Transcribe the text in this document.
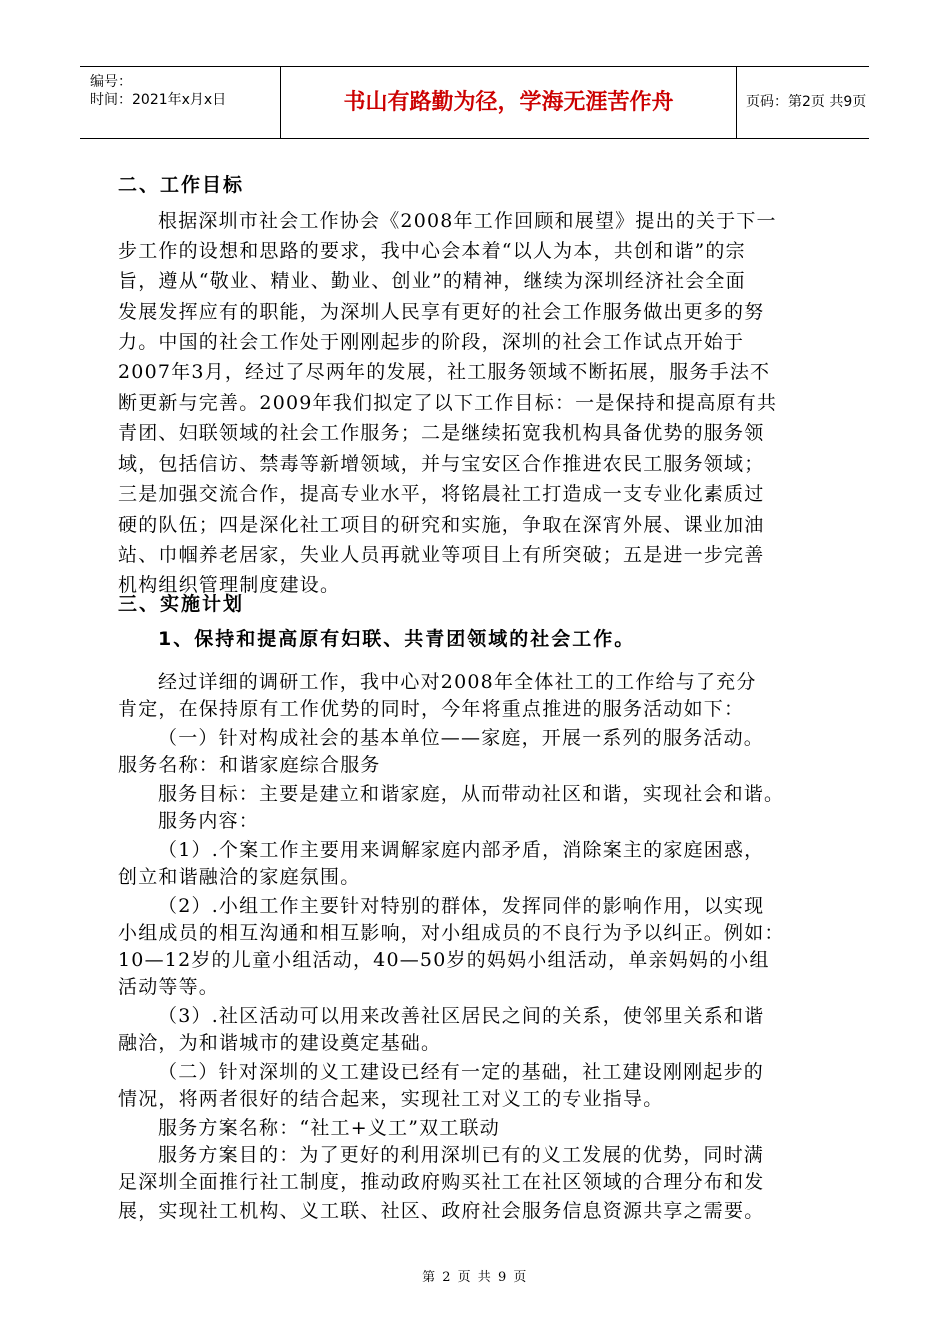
编号：
时间：2021年x月x日	书山有路勤为径，学海无涯苦作舟	页码：第2页 共9页
二、工作目标
根据深圳市社会工作协会《2008年工作回顾和展望》提出的关于下一
步工作的设想和思路的要求，我中心会本着“以人为本，共创和谐”的宗
旨，遵从“敬业、精业、勤业、创业”的精神，继续为深圳经济社会全面
发展发挥应有的职能，为深圳人民享有更好的社会工作服务做出更多的努
力。中国的社会工作处于刚刚起步的阶段，深圳的社会工作试点开始于
2007年3月，经过了尽两年的发展，社工服务领域不断拓展，服务手法不
断更新与完善。2009年我们拟定了以下工作目标：一是保持和提高原有共
青团、妇联领域的社会工作服务；二是继续拓宽我机构具备优势的服务领
域，包括信访、禁毒等新增领域，并与宝安区合作推进农民工服务领域；
三是加强交流合作，提高专业水平，将铭晨社工打造成一支专业化素质过
硬的队伍；四是深化社工项目的研究和实施，争取在深宵外展、课业加油
站、巾帼养老居家，失业人员再就业等项目上有所突破；五是进一步完善
机构组织管理制度建设。
三、实施计划
1、保持和提高原有妇联、共青团领域的社会工作。
经过详细的调研工作，我中心对2008年全体社工的工作给与了充分
肯定，在保持原有工作优势的同时，今年将重点推进的服务活动如下：
（一）针对构成社会的基本单位——家庭，开展一系列的服务活动。
服务名称：和谐家庭综合服务
服务目标：主要是建立和谐家庭，从而带动社区和谐，实现社会和谐。
服务内容：
（1）.个案工作主要用来调解家庭内部矛盾，消除案主的家庭困惑，
创立和谐融洽的家庭氛围。
（2）.小组工作主要针对特别的群体，发挥同伴的影响作用，以实现
小组成员的相互沟通和相互影响，对小组成员的不良行为予以纠正。例如：
10—12岁的儿童小组活动，40—50岁的妈妈小组活动，单亲妈妈的小组
活动等等。
（3）.社区活动可以用来改善社区居民之间的关系，使邻里关系和谐
融洽，为和谐城市的建设奠定基础。
（二）针对深圳的义工建设已经有一定的基础，社工建设刚刚起步的
情况，将两者很好的结合起来，实现社工对义工的专业指导。
服务方案名称：“社工+义工”双工联动
服务方案目的：为了更好的利用深圳已有的义工发展的优势，同时满
足深圳全面推行社工制度，推动政府购买社工在社区领域的合理分布和发
展，实现社工机构、义工联、社区、政府社会服务信息资源共享之需要。
第 2 页 共 9 页
